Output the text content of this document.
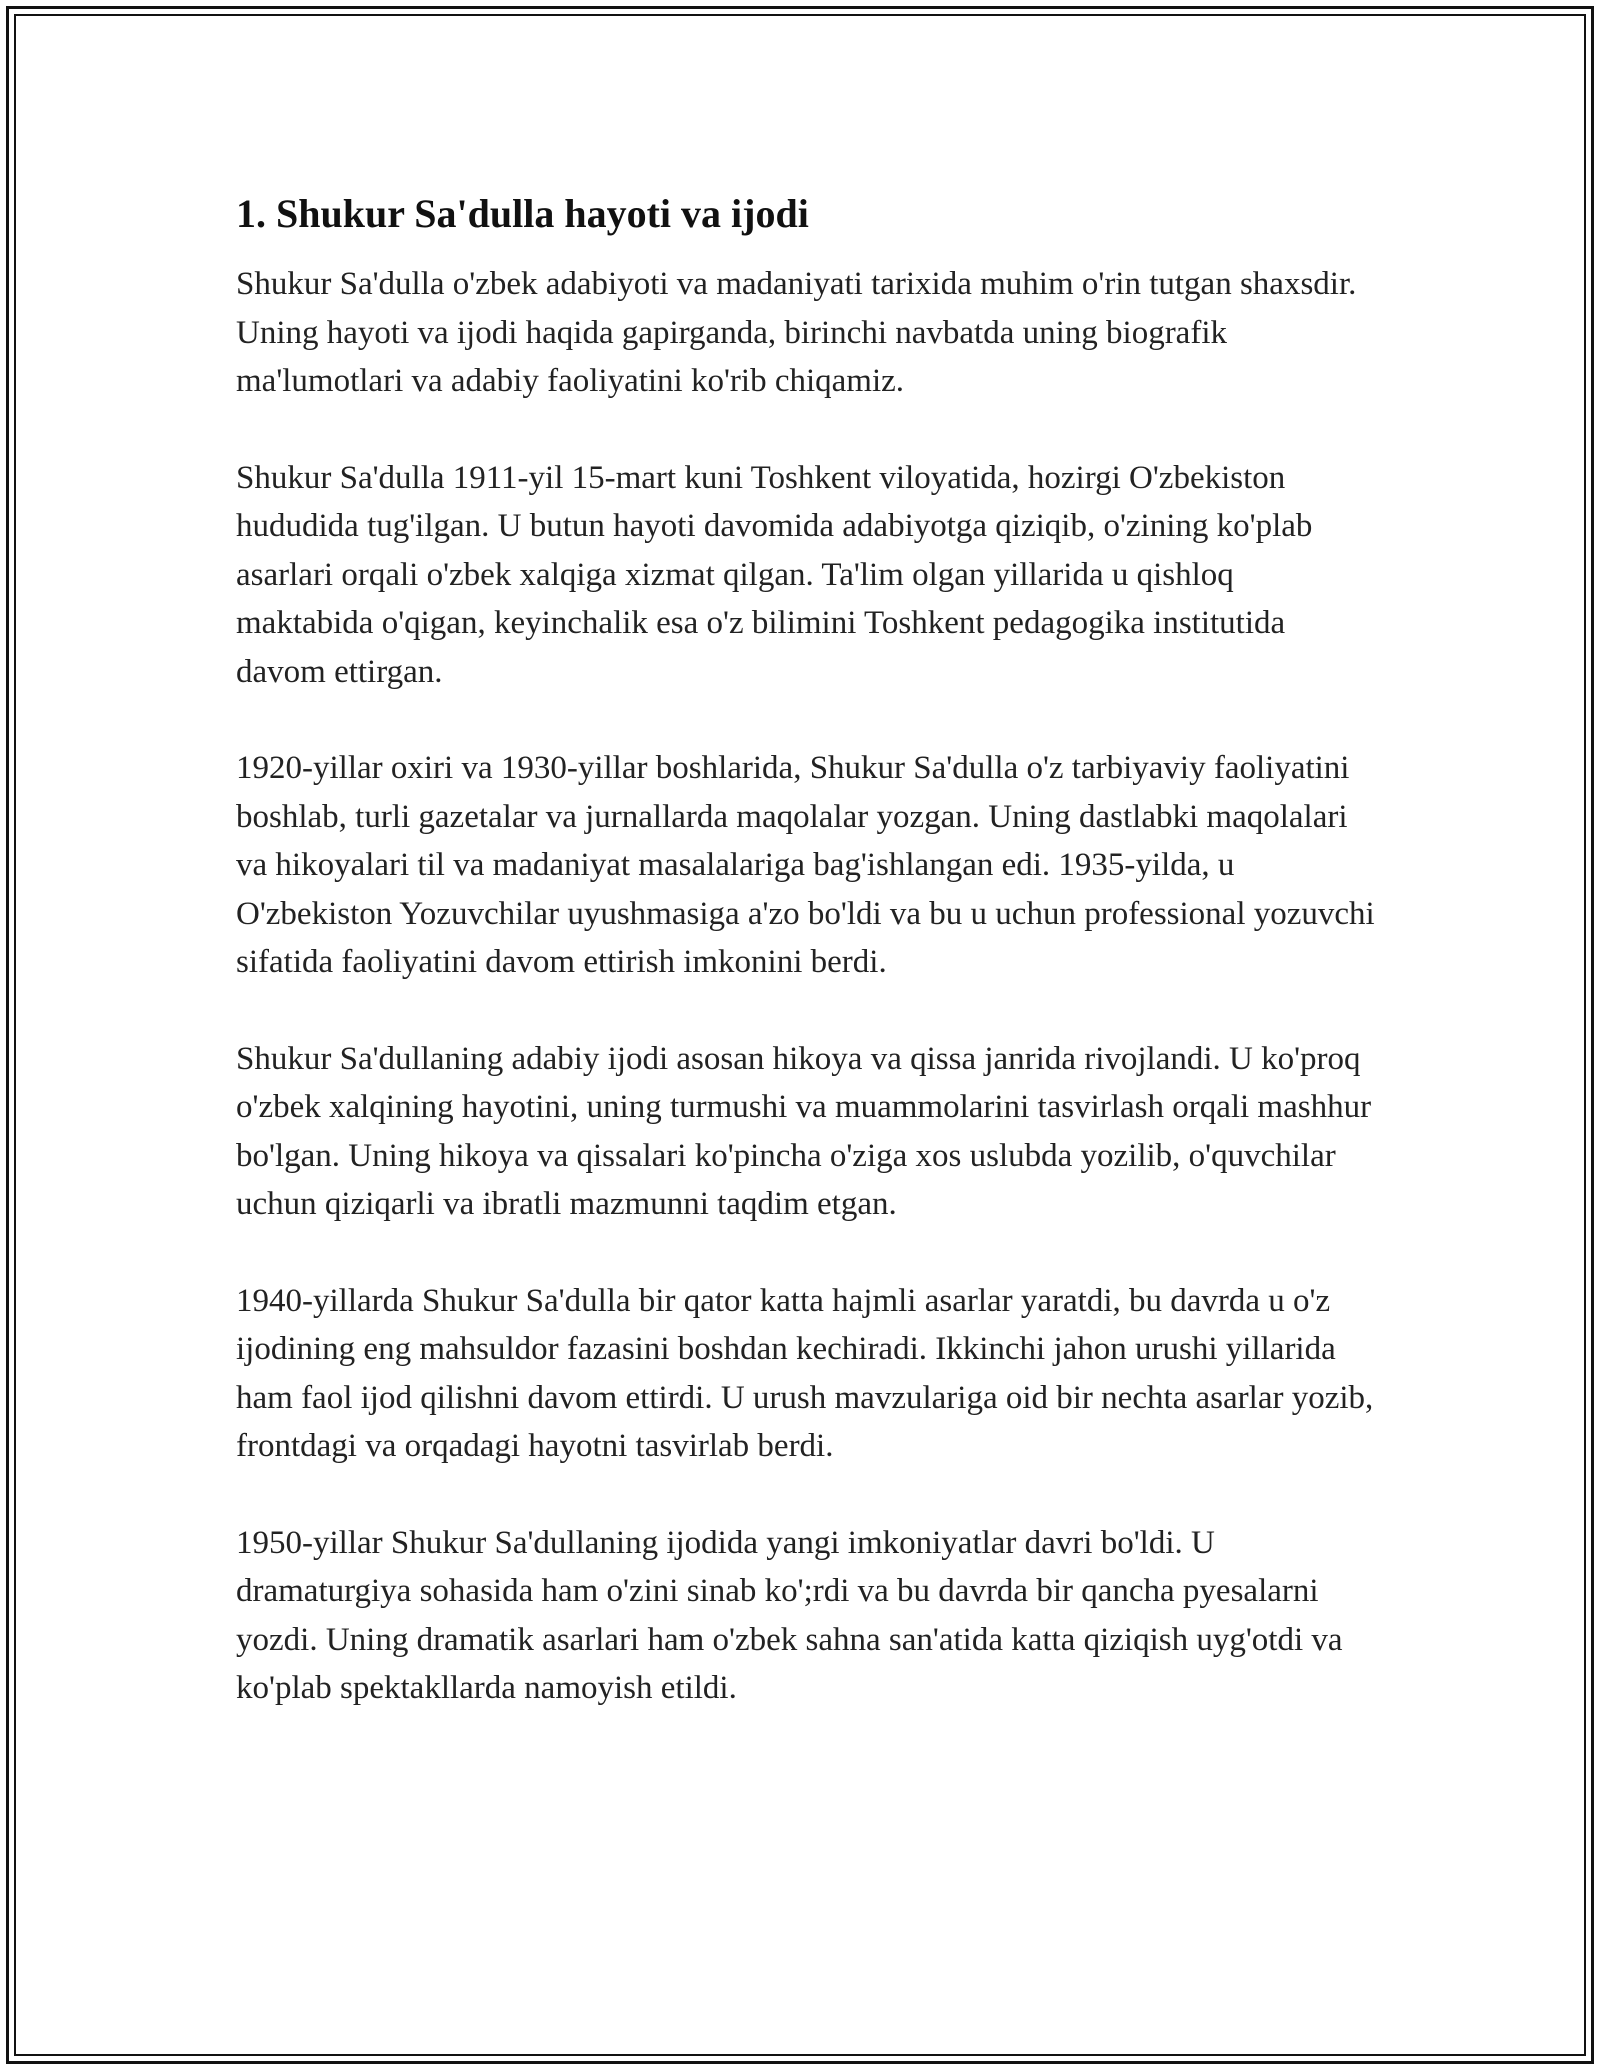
1. Shukur Sa'dulla hayoti va ijodi

Shukur Sa'dulla o'zbek adabiyoti va madaniyati tarixida muhim o'rin tutgan shaxsdir. Uning hayoti va ijodi haqida gapirganda, birinchi navbatda uning biografik ma'lumotlari va adabiy faoliyatini ko'rib chiqamiz.

Shukur Sa'dulla 1911-yil 15-mart kuni Toshkent viloyatida, hozirgi O'zbekiston hududida tug'ilgan. U butun hayoti davomida adabiyotga qiziqib, o'zining ko'plab asarlari orqali o'zbek xalqiga xizmat qilgan. Ta'lim olgan yillarida u qishloq maktabida o'qigan, keyinchalik esa o'z bilimini Toshkent pedagogika institutida davom ettirgan.

1920-yillar oxiri va 1930-yillar boshlarida, Shukur Sa'dulla o'z tarbiyaviy faoliyatini boshlab, turli gazetalar va jurnallarda maqolalar yozgan. Uning dastlabki maqolalari va hikoyalari til va madaniyat masalalariga bag'ishlangan edi. 1935-yilda, u O'zbekiston Yozuvchilar uyushmasiga a'zo bo'ldi va bu u uchun professional yozuvchi sifatida faoliyatini davom ettirish imkonini berdi.

Shukur Sa'dullaning adabiy ijodi asosan hikoya va qissa janrida rivojlandi. U ko'proq o'zbek xalqining hayotini, uning turmushi va muammolarini tasvirlash orqali mashhur bo'lgan. Uning hikoya va qissalari ko'pincha o'ziga xos uslubda yozilib, o'quvchilar uchun qiziqarli va ibratli mazmunni taqdim etgan.

1940-yillarda Shukur Sa'dulla bir qator katta hajmli asarlar yaratdi, bu davrda u o'z ijodining eng mahsuldor fazasini boshdan kechiradi. Ikkinchi jahon urushi yillarida ham faol ijod qilishni davom ettirdi. U urush mavzulariga oid bir nechta asarlar yozib, frontdagi va orqadagi hayotni tasvirlab berdi.

1950-yillar Shukur Sa'dullaning ijodida yangi imkoniyatlar davri bo'ldi. U dramaturgiya sohasida ham o'zini sinab ko';rdi va bu davrda bir qancha pyesalarni yozdi. Uning dramatik asarlari ham o'zbek sahna san'atida katta qiziqish uyg'otdi va ko'plab spektakllarda namoyish etildi.
